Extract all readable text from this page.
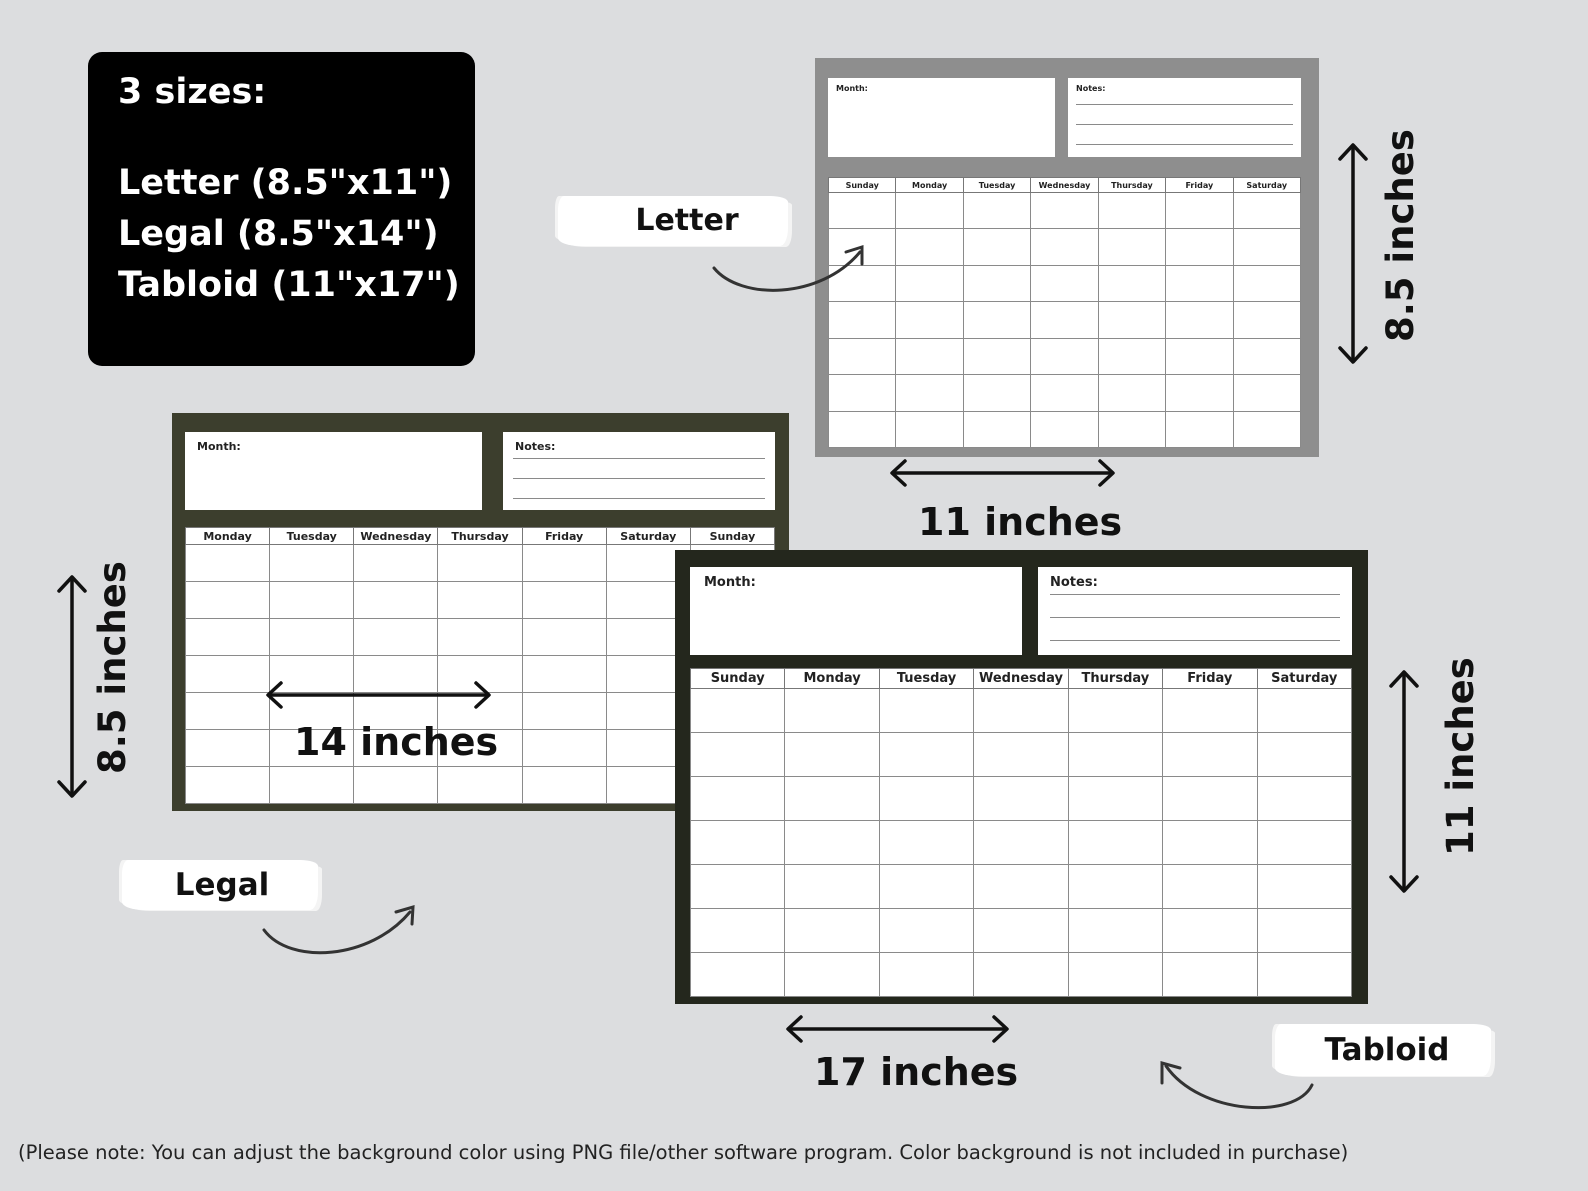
3 sizes:
Letter (8.5"x11")
Legal (8.5"x14")
Tabloid (11"x17")
Month:	Notes:
Sunday	Monday	Tuesday	Wednesday	Thursday	Friday	Saturday

Month:	Notes:
Monday	Tuesday	Wednesday	Thursday	Friday	Saturday	Sunday

Month:	Notes:
Sunday	Monday	Tuesday	Wednesday	Thursday	Friday	Saturday

Letter
Legal
Tabloid
8.5 inches
11 inches
8.5 inches	14 inches	11 inches
17 inches
(Please note: You can adjust the background color using PNG file/other software program. Color background is not included in purchase)
